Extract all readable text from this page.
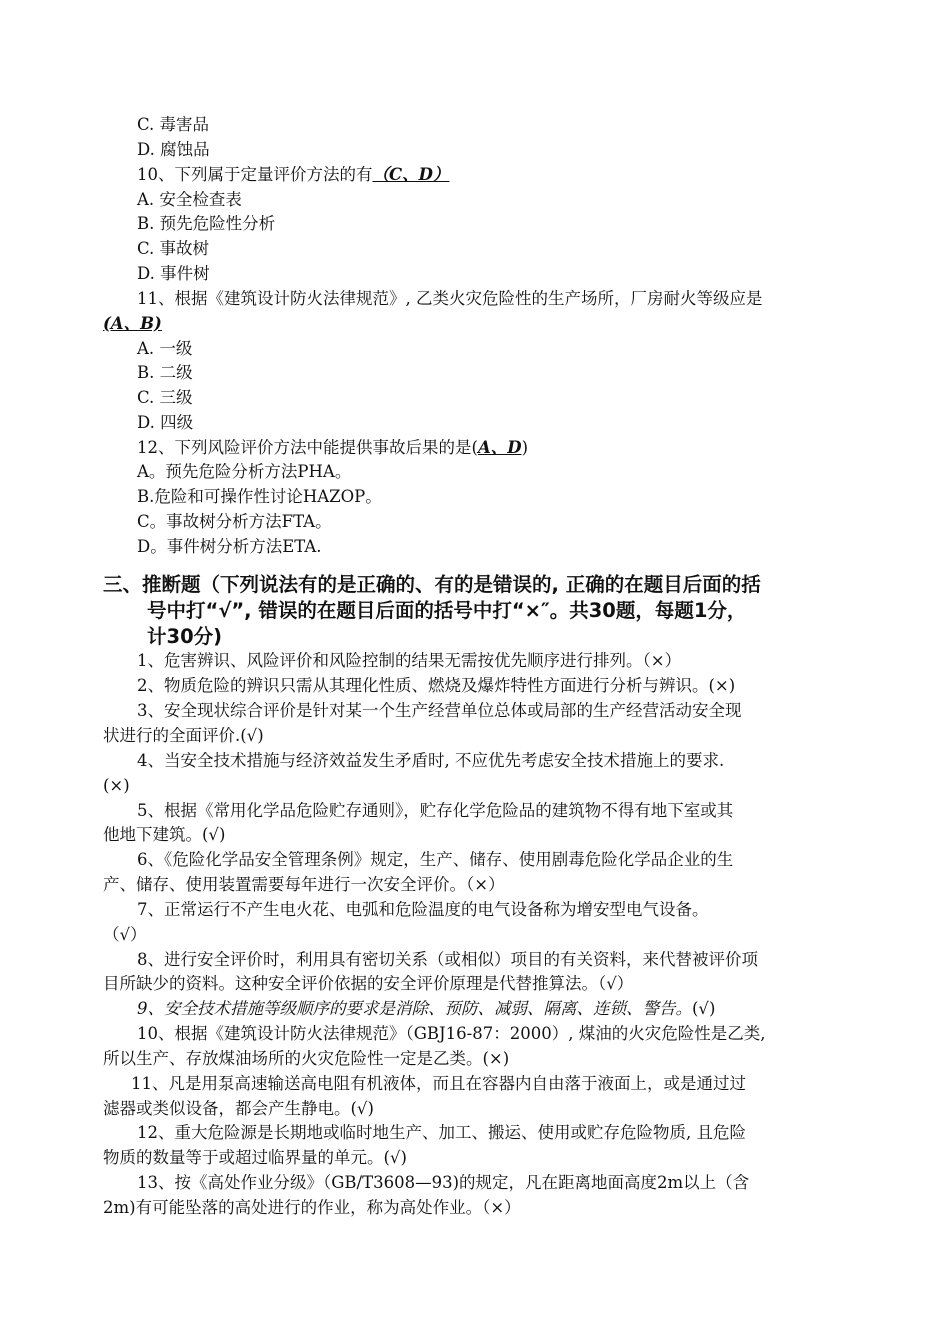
C. 毒害品
D. 腐蚀品
10、下列属于定量评价方法的有（C、D）
A. 安全检查表
B. 预先危险性分析
C. 事故树
D. 事件树
11、根据《建筑设计防火法律规范》, 乙类火灾危险性的生产场所，厂房耐火等级应是
(A、B)
A. 一级
B. 二级
C. 三级
D. 四级
12、下列风险评价方法中能提供事故后果的是(A、D)
A。预先危险分析方法PHA。
B.危险和可操作性讨论HAZOP。
C。事故树分析方法FTA。
D。事件树分析方法ETA.
三、推断题（下列说法有的是正确的、有的是错误的, 正确的在题目后面的括
号中打“√”, 错误的在题目后面的括号中打“×″。共30题，每题1分，
计30分)
1、危害辨识、风险评价和风险控制的结果无需按优先顺序进行排列。（×）
2、物质危险的辨识只需从其理化性质、燃烧及爆炸特性方面进行分析与辨识。(×)
3、安全现状综合评价是针对某一个生产经营单位总体或局部的生产经营活动安全现
状进行的全面评价.(√)
4、当安全技术措施与经济效益发生矛盾时, 不应优先考虑安全技术措施上的要求.
(×)
5、根据《常用化学品危险贮存通则》，贮存化学危险品的建筑物不得有地下室或其
他地下建筑。(√)
6、《危险化学品安全管理条例》规定，生产、储存、使用剧毒危险化学品企业的生
产、储存、使用装置需要每年进行一次安全评价。（×）
7、正常运行不产生电火花、电弧和危险温度的电气设备称为增安型电气设备。
（√）
8、进行安全评价时，利用具有密切关系（或相似）项目的有关资料，来代替被评价项
目所缺少的资料。这种安全评价依据的安全评价原理是代替推算法。（√）
9、安全技术措施等级顺序的要求是消除、预防、减弱、隔离、连锁、警告。(√)
10、根据《建筑设计防火法律规范》（GBJ16-87：2000）, 煤油的火灾危险性是乙类,
所以生产、存放煤油场所的火灾危险性一定是乙类。(×)
11、凡是用泵高速输送高电阻有机液体，而且在容器内自由落于液面上，或是通过过
滤器或类似设备，都会产生静电。(√)
12、重大危险源是长期地或临时地生产、加工、搬运、使用或贮存危险物质, 且危险
物质的数量等于或超过临界量的单元。(√)
13、按《高处作业分级》（GB/T3608—93)的规定，凡在距离地面高度2m以上（含
2m)有可能坠落的高处进行的作业，称为高处作业。（×）
